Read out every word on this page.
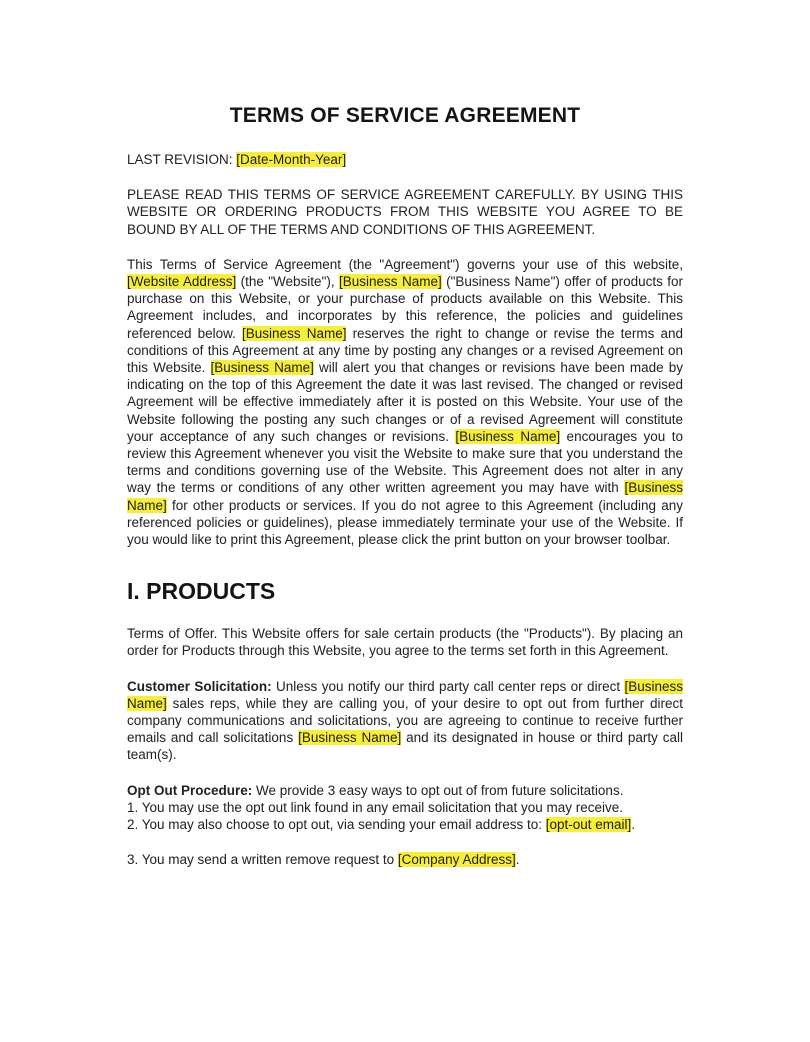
TERMS OF SERVICE AGREEMENT

LAST REVISION: [Date-Month-Year]

PLEASE READ THIS TERMS OF SERVICE AGREEMENT CAREFULLY. BY USING THIS WEBSITE OR ORDERING PRODUCTS FROM THIS WEBSITE YOU AGREE TO BE BOUND BY ALL OF THE TERMS AND CONDITIONS OF THIS AGREEMENT.

This Terms of Service Agreement (the "Agreement") governs your use of this website, [Website Address] (the "Website"), [Business Name] ("Business Name") offer of products for purchase on this Website, or your purchase of products available on this Website. This Agreement includes, and incorporates by this reference, the policies and guidelines referenced below. [Business Name] reserves the right to change or revise the terms and conditions of this Agreement at any time by posting any changes or a revised Agreement on this Website. [Business Name] will alert you that changes or revisions have been made by indicating on the top of this Agreement the date it was last revised. The changed or revised Agreement will be effective immediately after it is posted on this Website. Your use of the Website following the posting any such changes or of a revised Agreement will constitute your acceptance of any such changes or revisions. [Business Name] encourages you to review this Agreement whenever you visit the Website to make sure that you understand the terms and conditions governing use of the Website. This Agreement does not alter in any way the terms or conditions of any other written agreement you may have with [Business Name] for other products or services. If you do not agree to this Agreement (including any referenced policies or guidelines), please immediately terminate your use of the Website. If you would like to print this Agreement, please click the print button on your browser toolbar.

I. PRODUCTS

Terms of Offer. This Website offers for sale certain products (the "Products"). By placing an order for Products through this Website, you agree to the terms set forth in this Agreement.

Customer Solicitation: Unless you notify our third party call center reps or direct [Business Name] sales reps, while they are calling you, of your desire to opt out from further direct company communications and solicitations, you are agreeing to continue to receive further emails and call solicitations [Business Name] and its designated in house or third party call team(s).

Opt Out Procedure: We provide 3 easy ways to opt out of from future solicitations.

1. You may use the opt out link found in any email solicitation that you may receive.

2. You may also choose to opt out, via sending your email address to: [opt-out email].

3. You may send a written remove request to [Company Address].
